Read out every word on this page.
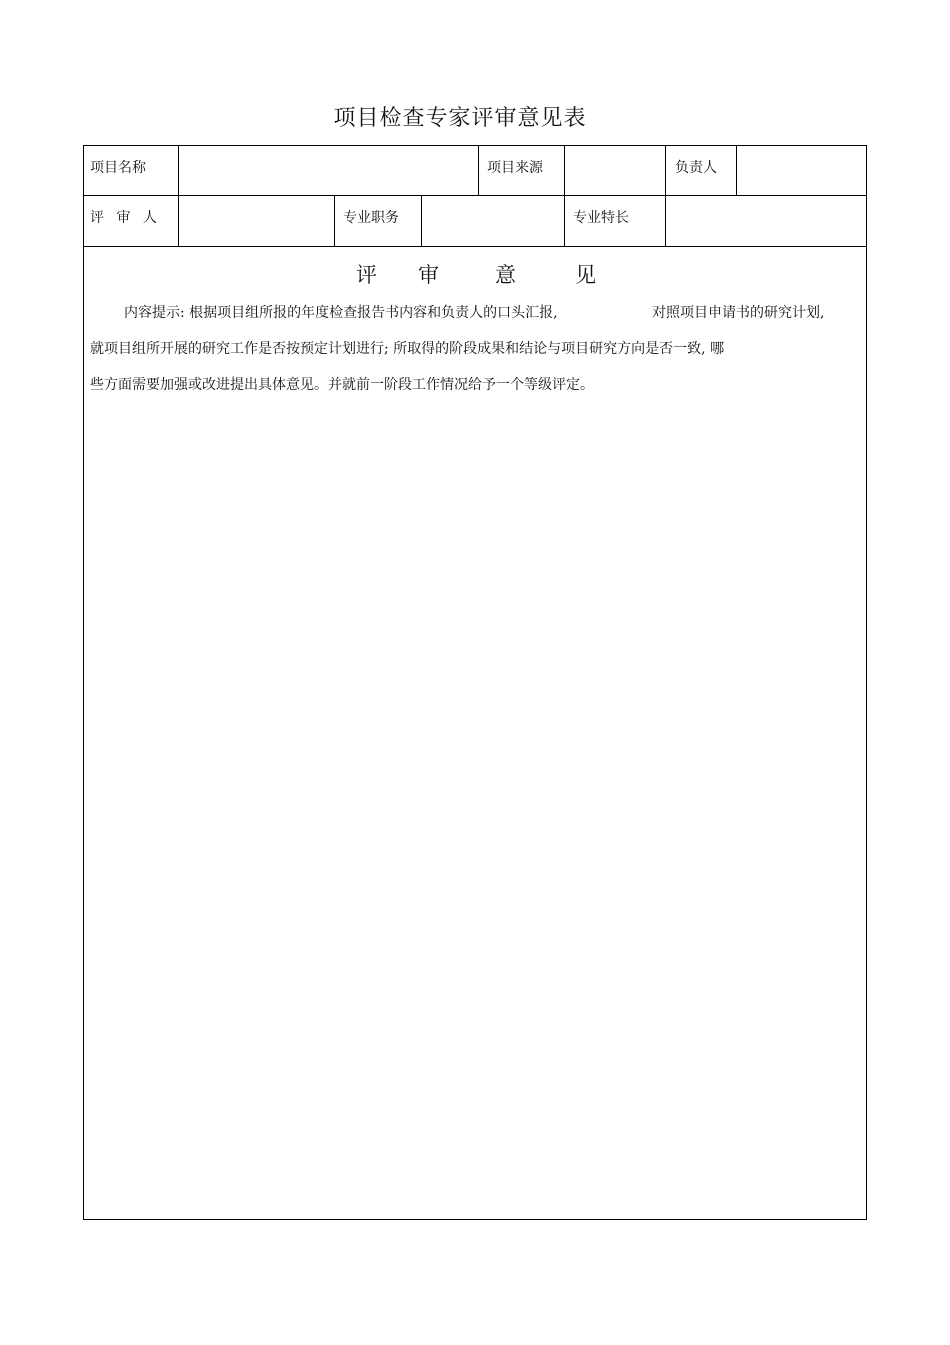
项目检查专家评审意见表
项目名称	项目来源	负责人
评 审 人	专业职务	专业特长
评 审	意	见
内容提示: 根据项目组所报的年度检查报告书内容和负责人的口头汇报,	对照项目申请书的研究计划,
就项目组所开展的研究工作是否按预定计划进行; 所取得的阶段成果和结论与项目研究方向是否一致, 哪
些方面需要加强或改进提出具体意见。并就前一阶段工作情况给予一个等级评定。
